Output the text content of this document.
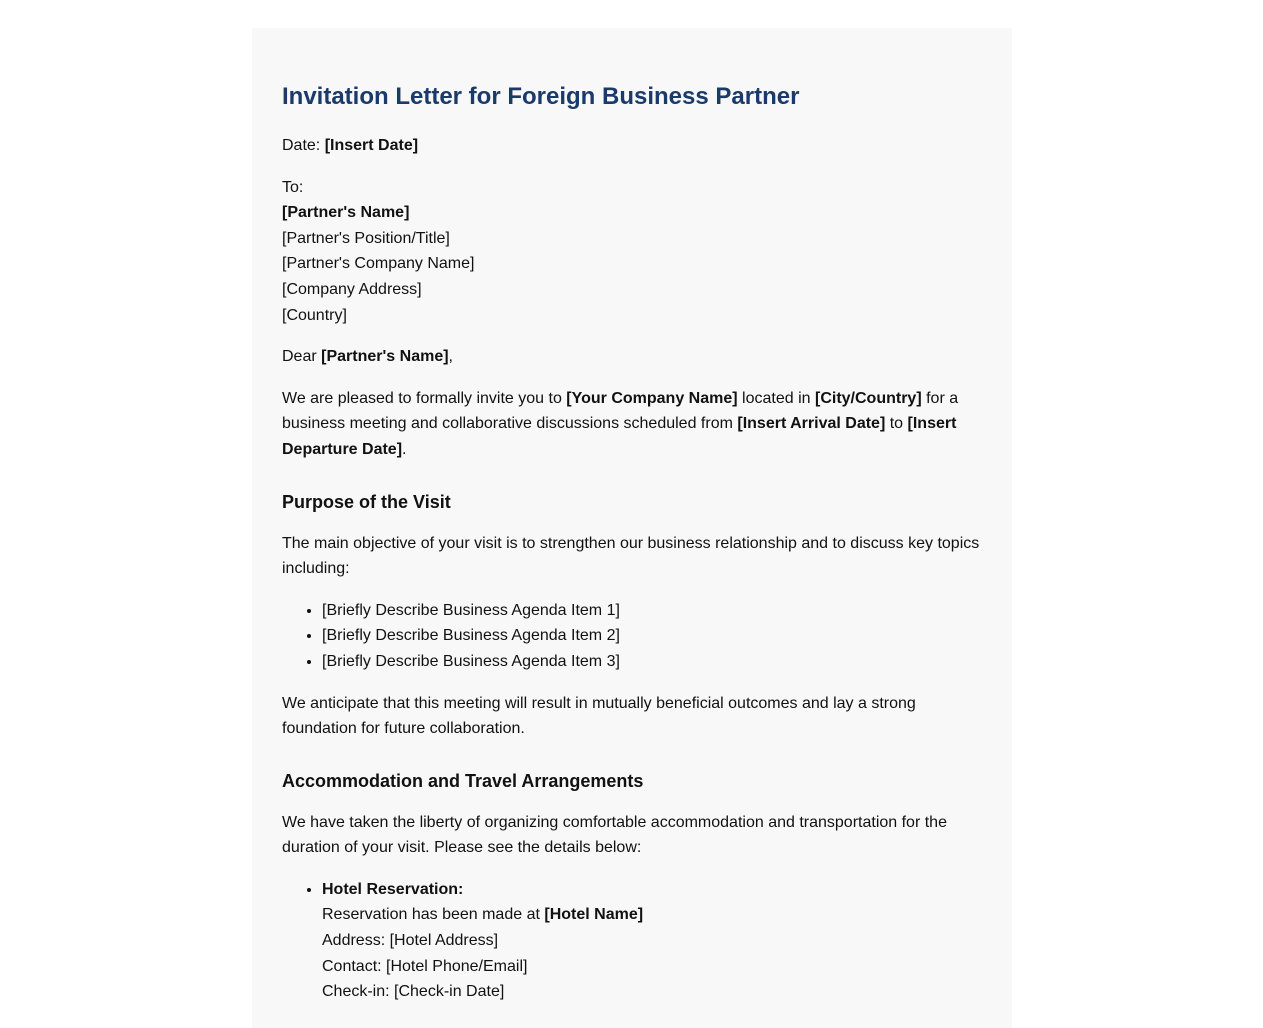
Invitation Letter for Foreign Business Partner

Date: [Insert Date]

To:
[Partner's Name]
[Partner's Position/Title]
[Partner's Company Name]
[Company Address]
[Country]

Dear [Partner's Name],

We are pleased to formally invite you to [Your Company Name] located in [City/Country] for a business meeting and collaborative discussions scheduled from [Insert Arrival Date] to [Insert Departure Date].

Purpose of the Visit

The main objective of your visit is to strengthen our business relationship and to discuss key topics including:

• [Briefly Describe Business Agenda Item 1]
• [Briefly Describe Business Agenda Item 2]
• [Briefly Describe Business Agenda Item 3]

We anticipate that this meeting will result in mutually beneficial outcomes and lay a strong foundation for future collaboration.

Accommodation and Travel Arrangements

We have taken the liberty of organizing comfortable accommodation and transportation for the duration of your visit. Please see the details below:

• Hotel Reservation:
Reservation has been made at [Hotel Name]
Address: [Hotel Address]
Contact: [Hotel Phone/Email]
Check-in: [Check-in Date]
